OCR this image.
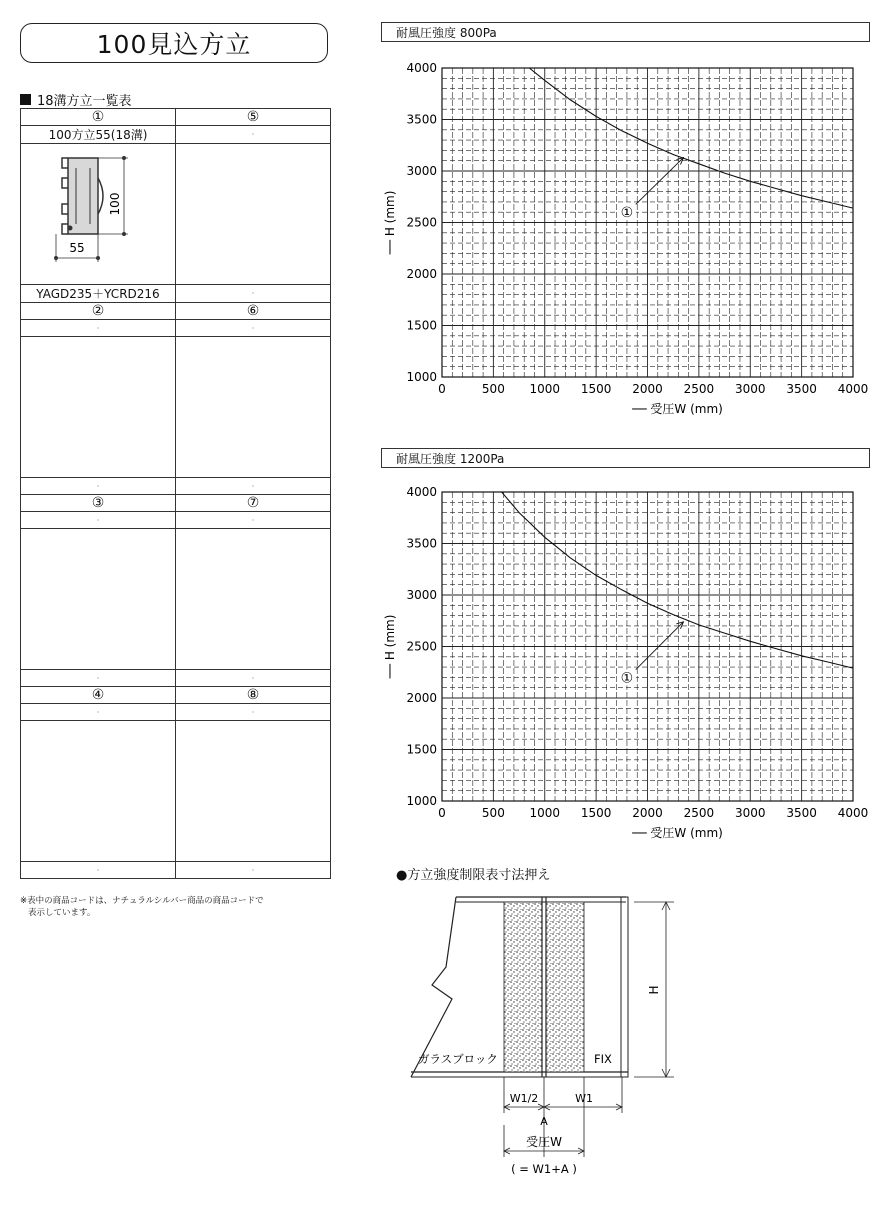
100見込方立
18溝方立一覧表
①	⑤
100方立55(18溝)	·

100
55	

YAGD235＋YCRD216	·
②	⑥
·	·

·	·
③	⑦
·	·

·	·
④	⑧
·	·

·	·
※表中の商品コードは、ナチュラルシルバー商品の商品コードで
表示しています。
耐風圧強度 800Pa
0	500 1000 1500 2000 2500 3000 3500 4000
1000
1500
2000
2500
3000
3500
4000
── 受圧W (mm)
── H (mm)	①
耐風圧強度 1200Pa
0	500 1000 1500 2000 2500 3000 3500 4000
1000
1500
2000
2500
3000
3500
4000
── 受圧W (mm)
── H (mm)	①
●方立強度制限表寸法押え
ガラスブロック	FIX
H
W1/2	W1
A
受圧W
( = W1+A )
